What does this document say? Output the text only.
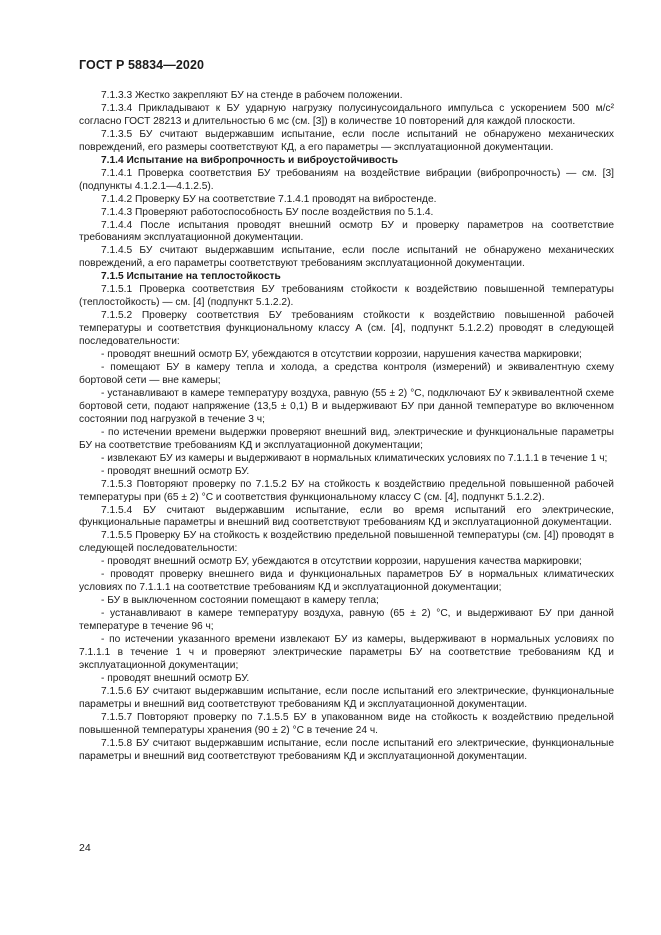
ГОСТ Р 58834—2020

7.1.3.3 Жестко закрепляют БУ на стенде в рабочем положении.

7.1.3.4 Прикладывают к БУ ударную нагрузку полусинусоидального импульса с ускорением 500 м/с² согласно ГОСТ 28213 и длительностью 6 мс (см. [3]) в количестве 10 повторений для каждой плоскости.

7.1.3.5 БУ считают выдержавшим испытание, если после испытаний не обнаружено механических повреждений, его размеры соответствуют КД, а его параметры — эксплуатационной документации.

7.1.4 Испытание на вибропрочность и виброустойчивость

7.1.4.1 Проверка соответствия БУ требованиям на воздействие вибрации (вибропрочность) — см. [3] (подпункты 4.1.2.1—4.1.2.5).

7.1.4.2 Проверку БУ на соответствие 7.1.4.1 проводят на вибростенде.

7.1.4.3 Проверяют работоспособность БУ после воздействия по 5.1.4.

7.1.4.4 После испытания проводят внешний осмотр БУ и проверку параметров на соответствие требованиям эксплуатационной документации.

7.1.4.5 БУ считают выдержавшим испытание, если после испытаний не обнаружено механических повреждений, а его параметры соответствуют требованиям эксплуатационной документации.

7.1.5 Испытание на теплостойкость

7.1.5.1 Проверка соответствия БУ требованиям стойкости к воздействию повышенной температуры (теплостойкость) — см. [4] (подпункт 5.1.2.2).

7.1.5.2 Проверку соответствия БУ требованиям стойкости к воздействию повышенной рабочей температуры и соответствия функциональному классу А (см. [4], подпункт 5.1.2.2) проводят в следующей последовательности:

- проводят внешний осмотр БУ, убеждаются в отсутствии коррозии, нарушения качества маркировки;

- помещают БУ в камеру тепла и холода, а средства контроля (измерений) и эквивалентную схему бортовой сети — вне камеры;

- устанавливают в камере температуру воздуха, равную (55 ± 2) °С, подключают БУ к эквивалентной схеме бортовой сети, подают напряжение (13,5 ± 0,1) В и выдерживают БУ при данной температуре во включенном состоянии под нагрузкой в течение 3 ч;

- по истечении времени выдержки проверяют внешний вид, электрические и функциональные параметры БУ на соответствие требованиям КД и эксплуатационной документации;

- извлекают БУ из камеры и выдерживают в нормальных климатических условиях по 7.1.1.1 в течение 1 ч;

- проводят внешний осмотр БУ.

7.1.5.3 Повторяют проверку по 7.1.5.2 БУ на стойкость к воздействию предельной повышенной рабочей температуры при (65 ± 2) °С и соответствия функциональному классу С (см. [4], подпункт 5.1.2.2).

7.1.5.4 БУ считают выдержавшим испытание, если во время испытаний его электрические, функциональные параметры и внешний вид соответствуют требованиям КД и эксплуатационной документации.

7.1.5.5 Проверку БУ на стойкость к воздействию предельной повышенной температуры (см. [4]) проводят в следующей последовательности:

- проводят внешний осмотр БУ, убеждаются в отсутствии коррозии, нарушения качества маркировки;

- проводят проверку внешнего вида и функциональных параметров БУ в нормальных климатических условиях по 7.1.1.1 на соответствие требованиям КД и эксплуатационной документации;

- БУ в выключенном состоянии помещают в камеру тепла;

- устанавливают в камере температуру воздуха, равную (65 ± 2) °С, и выдерживают БУ при данной температуре в течение 96 ч;

- по истечении указанного времени извлекают БУ из камеры, выдерживают в нормальных условиях по 7.1.1.1 в течение 1 ч и проверяют электрические параметры БУ на соответствие требованиям КД и эксплуатационной документации;

- проводят внешний осмотр БУ.

7.1.5.6 БУ считают выдержавшим испытание, если после испытаний его электрические, функциональные параметры и внешний вид соответствуют требованиям КД и эксплуатационной документации.

7.1.5.7 Повторяют проверку по 7.1.5.5 БУ в упакованном виде на стойкость к воздействию предельной повышенной температуры хранения (90 ± 2) °С в течение 24 ч.

7.1.5.8 БУ считают выдержавшим испытание, если после испытаний его электрические, функциональные параметры и внешний вид соответствуют требованиям КД и эксплуатационной документации.

24
